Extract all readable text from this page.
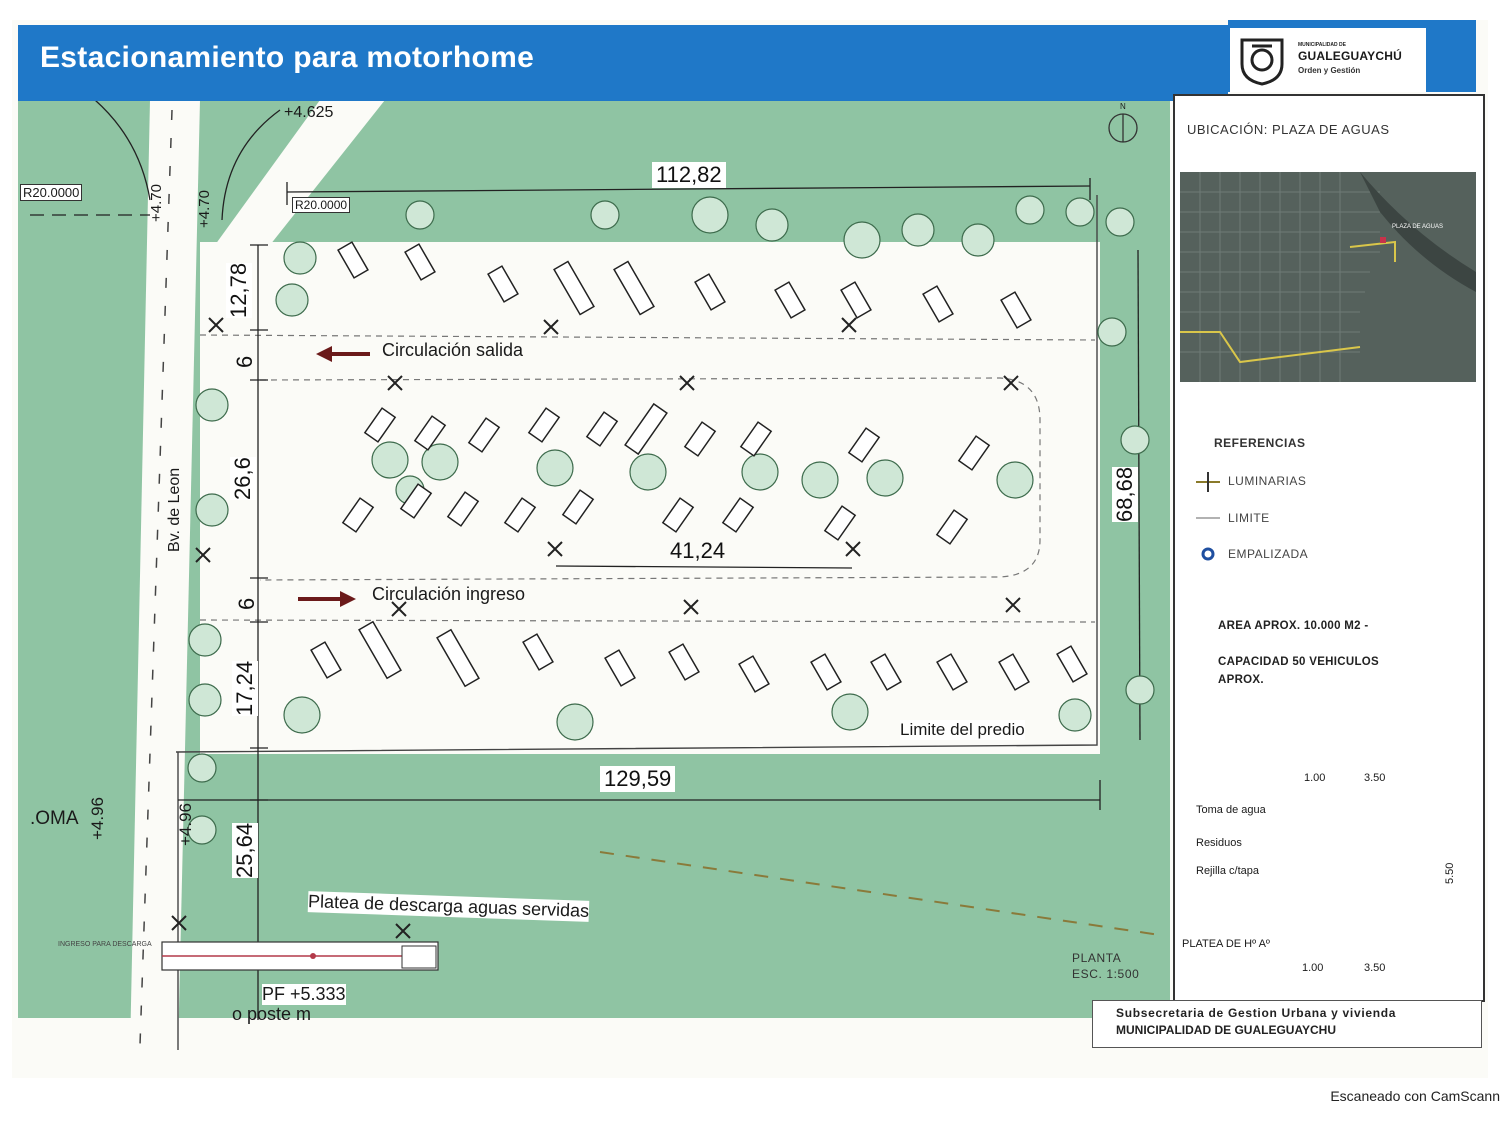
Estacionamiento para motorhome	MUNICIPALIDAD DE
GUALEGUAYCHÚ
Orden y Gestión
112,82
129,59
41,24
68,68
12,78
6
26,6
6
17,24
25,64
R20.0000
R20.0000
+4.625
+4.70 +4.70
+4.96	+4.96
Bv. de Leon
.OMA
Circulación salida
Circulación ingreso
Limite del predio
Platea de descarga aguas servidas
INGRESO PARA DESCARGA
PF +5.333
o poste m
N
PLANTA
ESC. 1:500
UBICACIÓN: PLAZA DE AGUAS
PLAZA DE AGUAS
REFERENCIAS
LUMINARIAS
LIMITE
EMPALIZADA
AREA APROX. 10.000 M2 -
CAPACIDAD 50 VEHICULOS
APROX.
1.00	3.50
1.00	3.50
5.50
Toma de agua
Residuos
Rejilla c/tapa
PLATEA DE Hº Aº
Subsecretaria de Gestion Urbana y vivienda
MUNICIPALIDAD DE GUALEGUAYCHU
Escaneado con CamScann
